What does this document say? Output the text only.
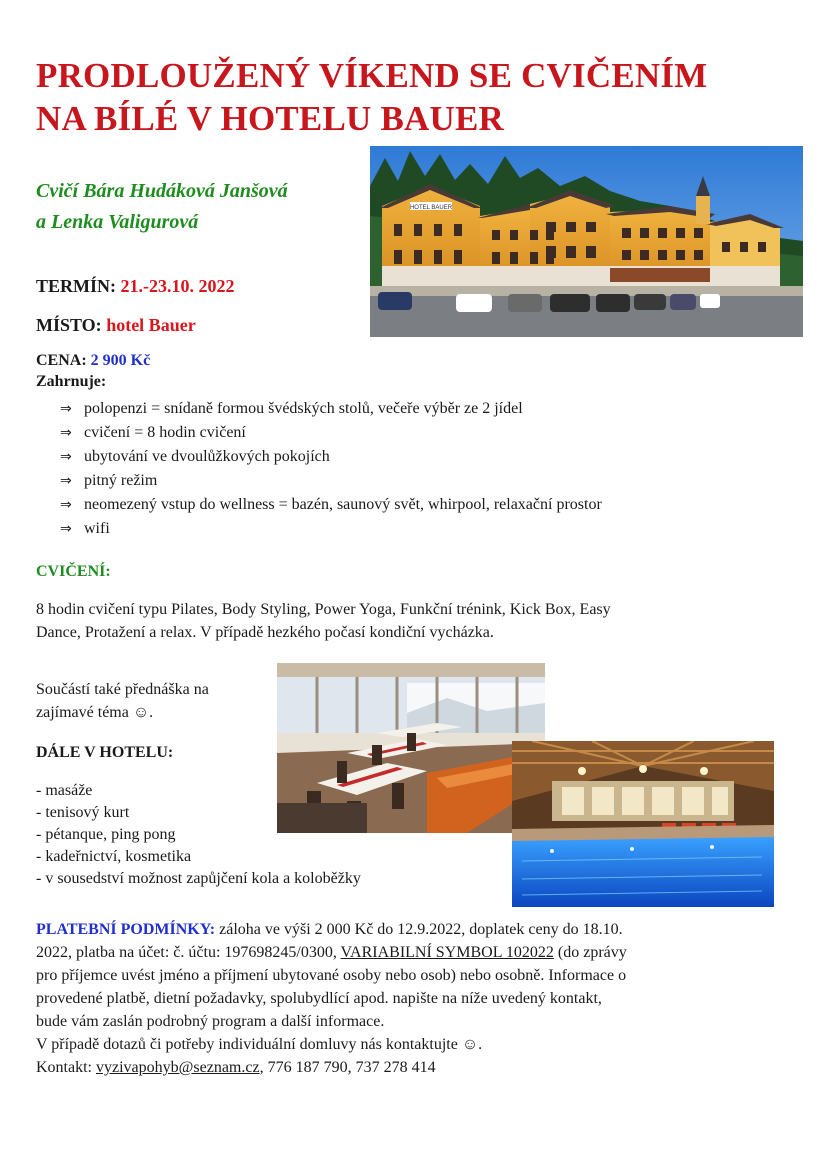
PRODLOUŽENÝ VÍKEND SE CVIČENÍM
NA BÍLÉ V HOTELU BAUER
Cvičí Bára Hudáková Janšová
a Lenka Valigurová
HOTEL BAUER
TERMÍN: 21.-23.10. 2022
MÍSTO: hotel Bauer
CENA: 2 900 Kč
Zahrnuje:
⇒ polopenzi = snídaně formou švédských stolů, večeře výběr ze 2 jídel
⇒ cvičení = 8 hodin cvičení
⇒ ubytování ve dvoulůžkových pokojích
⇒ pitný režim
⇒ neomezený vstup do wellness = bazén, saunový svět, whirpool, relaxační prostor
⇒ wifi
CVIČENÍ:
8 hodin cvičení typu Pilates, Body Styling, Power Yoga, Funkční trénink, Kick Box, Easy
Dance, Protažení a relax. V případě hezkého počasí kondiční vycházka.
Součástí také přednáška na
zajímavé téma ☺.
DÁLE V HOTELU:
- masáže
- tenisový kurt
- pétanque, ping pong
- kadeřnictví, kosmetika
- v sousedství možnost zapůjčení kola a koloběžky
PLATEBNÍ PODMÍNKY: záloha ve výši 2 000 Kč do 12.9.2022, doplatek ceny do 18.10.
2022, platba na účet: č. účtu: 197698245/0300, VARIABILNÍ SYMBOL 102022 (do zprávy
pro příjemce uvést jméno a příjmení ubytované osoby nebo osob) nebo osobně. Informace o
provedené platbě, dietní požadavky, spolubydlící apod. napište na níže uvedený kontakt,
bude vám zaslán podrobný program a další informace.
V případě dotazů či potřeby individuální domluvy nás kontaktujte ☺.
Kontakt: vyzivapohyb@seznam.cz, 776 187 790, 737 278 414
